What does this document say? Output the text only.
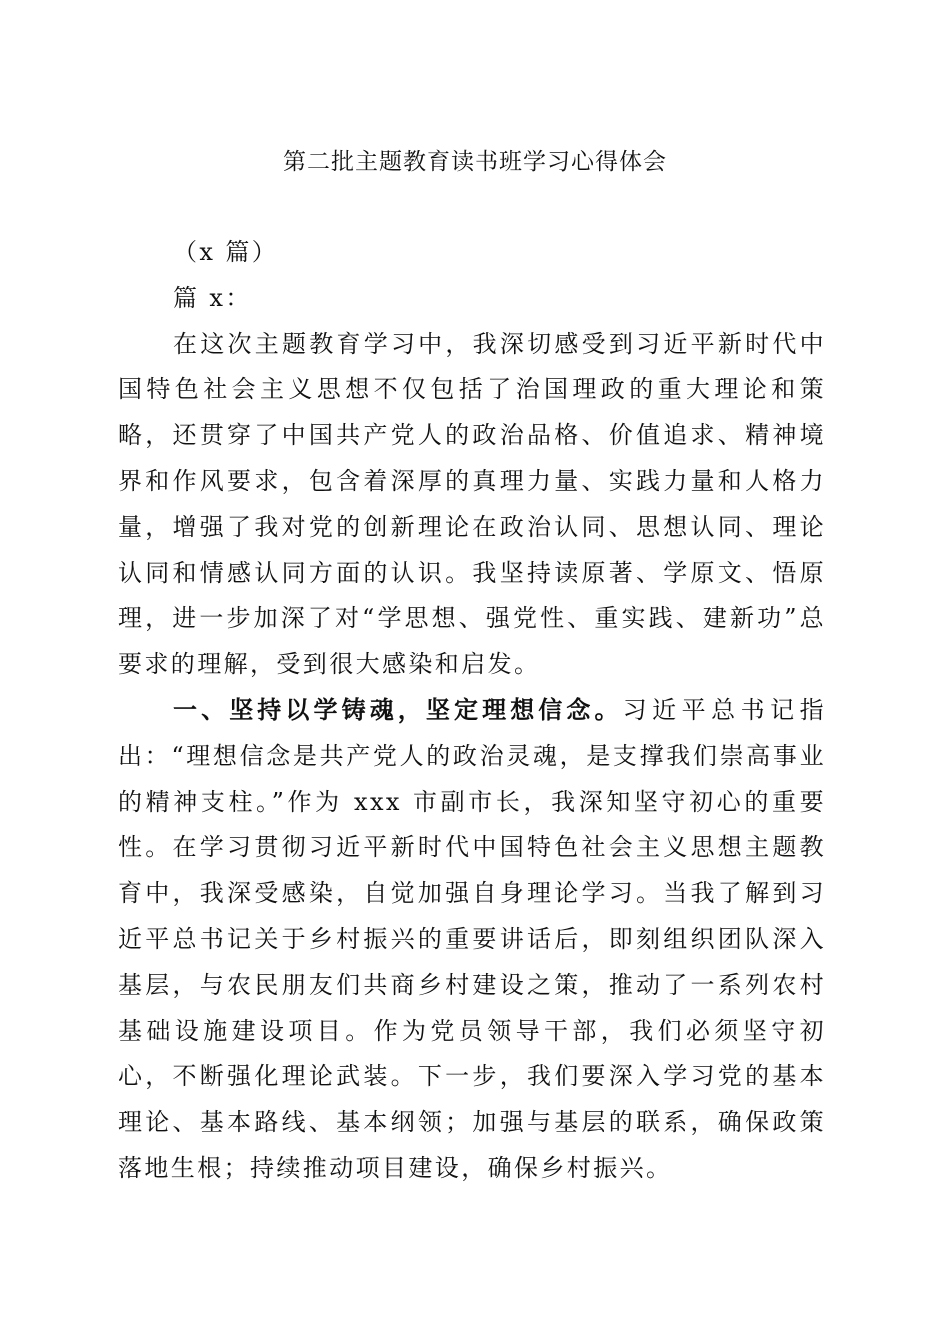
第二批主题教育读书班学习心得体会

（x 篇）

篇 x：

在这次主题教育学习中，我深切感受到习近平新时代中国特色社会主义思想不仅包括了治国理政的重大理论和策略，还贯穿了中国共产党人的政治品格、价值追求、精神境界和作风要求，包含着深厚的真理力量、实践力量和人格力量，增强了我对党的创新理论在政治认同、思想认同、理论认同和情感认同方面的认识。我坚持读原著、学原文、悟原理，进一步加深了对“学思想、强党性、重实践、建新功”总要求的理解，受到很大感染和启发。

一、坚持以学铸魂，坚定理想信念。习近平总书记指出：“理想信念是共产党人的政治灵魂，是支撑我们崇高事业的精神支柱。”作为 xxx 市副市长，我深知坚守初心的重要性。在学习贯彻习近平新时代中国特色社会主义思想主题教育中，我深受感染，自觉加强自身理论学习。当我了解到习近平总书记关于乡村振兴的重要讲话后，即刻组织团队深入基层，与农民朋友们共商乡村建设之策，推动了一系列农村基础设施建设项目。作为党员领导干部，我们必须坚守初心，不断强化理论武装。下一步，我们要深入学习党的基本理论、基本路线、基本纲领；加强与基层的联系，确保政策落地生根；持续推动项目建设，确保乡村振兴。
